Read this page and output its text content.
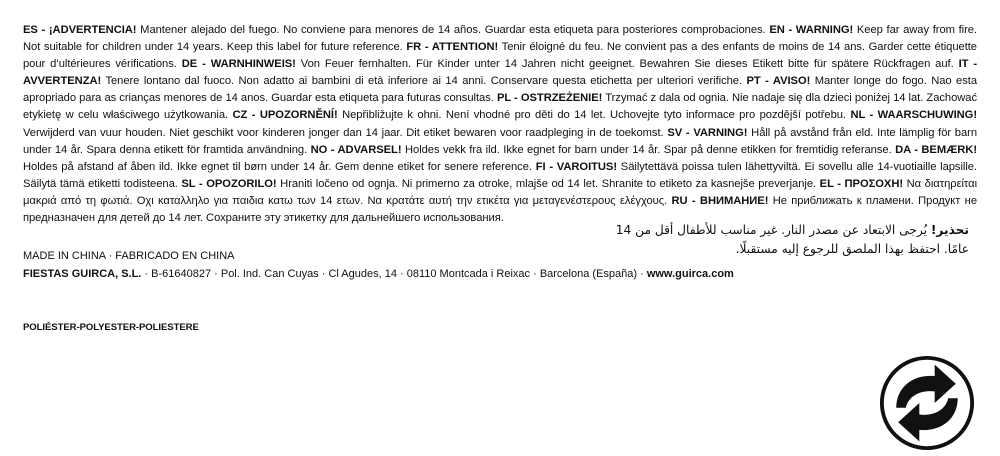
ES - ¡ADVERTENCIA! Mantener alejado del fuego. No conviene para menores de 14 años. Guardar esta etiqueta para posteriores comprobaciones. EN - WARNING! Keep far away from fire. Not suitable for children under 14 years. Keep this label for future reference. FR - ATTENTION! Tenir éloigné du feu. Ne convient pas a des enfants de moins de 14 ans. Garder cette étiquette pour d’ultérieures vérifications. DE - WARNHINWEIS! Von Feuer fernhalten. Für Kinder unter 14 Jahren nicht geeignet. Bewahren Sie dieses Etikett bitte für spätere Rückfragen auf. IT - AVVERTENZA! Tenere lontano dal fuoco. Non adatto ai bambini di età inferiore ai 14 anni. Conservare questa etichetta per ulteriori verifiche. PT - AVISO! Manter longe do fogo. Nao esta apropriado para as crianças menores de 14 anos. Guardar esta etiqueta para futuras consultas. PL - OSTRZEŻENIE! Trzymać z dala od ognia. Nie nadaje się dla dzieci poniżej 14 lat. Zachować etykietę w celu właściwego użytkowania. CZ - UPOZORNĚNÍ! Nepřibližujte k ohni. Není vhodné pro děti do 14 let. Uchovejte tyto informace pro pozdější potřebu. NL - WAARSCHUWING! Verwijderd van vuur houden. Niet geschikt voor kinderen jonger dan 14 jaar. Dit etiket bewaren voor raadpleging in de toekomst. SV - VARNING! Håll på avstånd från eld. Inte lämplig för barn under 14 år. Spara denna etikett för framtida användning. NO - ADVARSEL! Holdes vekk fra ild. Ikke egnet for barn under 14 år. Spar på denne etikken for fremtidig referanse. DA - BEMÆRK! Holdes på afstand af åben ild. Ikke egnet til børn under 14 år. Gem denne etiket for senere reference. FI - VAROITUS! Säilytettävä poissa tulen lähettyviltä. Ei sovellu alle 14-vuotiaille lapsille. Säilytä tämä etiketti todisteena. SL - OPOZORILO! Hraniti ločeno od ognja. Ni primerno za otroke, mlajše od 14 let. Shranite to etiketo za kasnejše preverjanje. EL - ΠΡΟΣΟΧΗ! Να διατηρείται μακριά από τη φωτιά. Οχι καταλληλο για παιδια κατω των 14 ετων. Να κρατάτε αυτή την ετικέτα για μεταγενέστερους ελέγχους. RU - ВНИМАНИЕ! Не приближать к пламени. Продукт не предназначен для детей до 14 лет. Сохраните эту этикетку для дальнейшего использования.

تحذير! يُرجى الابتعاد عن مصدر النار. غير مناسب للأطفال أقل من 14 عامًا. احتفظ بهذا الملصق للرجوع إليه مستقبلًا.

MADE IN CHINA · FABRICADO EN CHINA

FIESTAS GUIRCA, S.L. · B-61640827 · Pol. Ind. Can Cuyas · Cl Agudes, 14 · 08110 Montcada i Reixac · Barcelona (España) · www.guirca.com

POLIÉSTER-POLYESTER-POLIESTERE
